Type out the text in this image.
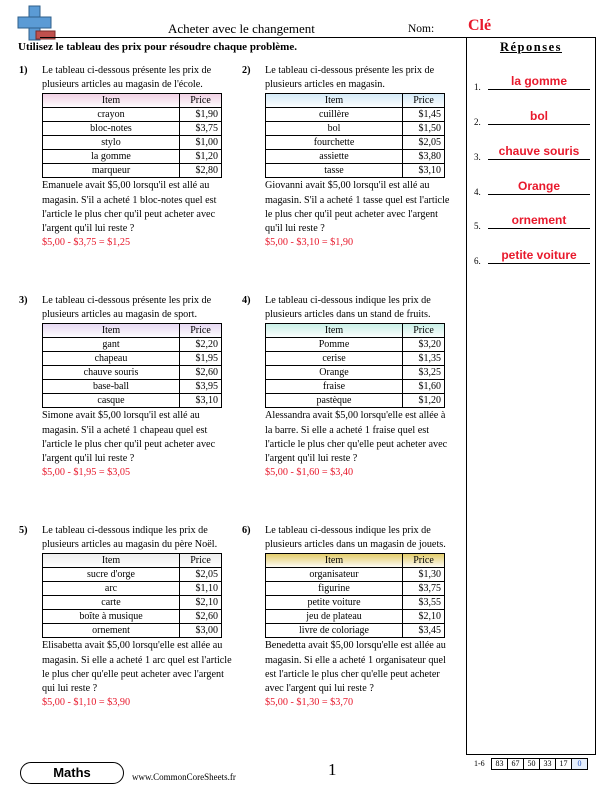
Acheter avec le changement	Nom: Clé
Utilisez le tableau des prix pour résoudre chaque problème.	Réponses
1.	la gomme
2.	bol
3.	chauve souris
4.	Orange
5.	ornement
6.	petite voiture
1) Le tableau ci-dessous présente les prix de plusieurs articles au magasin de l'école.
Item	Price
crayon	$1,90
bloc-notes	$3,75
stylo	$1,00
la gomme	$1,20
marqueur	$2,80
Emanuele avait $5,00 lorsqu'il est allé au magasin. S'il a acheté 1 bloc-notes quel est l'article le plus cher qu'il peut acheter avec l'argent qu'il lui reste ?
$5,00 - $3,75 = $1,25
2) Le tableau ci-dessous présente les prix de plusieurs articles en magasin.
Item	Price
cuillère	$1,45
bol	$1,50
fourchette	$2,05
assiette	$3,80
tasse	$3,10
Giovanni avait $5,00 lorsqu'il est allé au magasin. S'il a acheté 1 tasse quel est l'article le plus cher qu'il peut acheter avec l'argent qu'il lui reste ?
$5,00 - $3,10 = $1,90
3) Le tableau ci-dessous présente les prix de plusieurs articles au magasin de sport.
Item	Price
gant	$2,20
chapeau	$1,95
chauve souris	$2,60
base-ball	$3,95
casque	$3,10
Simone avait $5,00 lorsqu'il est allé au magasin. S'il a acheté 1 chapeau quel est l'article le plus cher qu'il peut acheter avec l'argent qu'il lui reste ?
$5,00 - $1,95 = $3,05
4) Le tableau ci-dessous indique les prix de plusieurs articles dans un stand de fruits.
Item	Price
Pomme	$3,20
cerise	$1,35
Orange	$3,25
fraise	$1,60
pastèque	$1,20
Alessandra avait $5,00 lorsqu'elle est allée à la barre. Si elle a acheté 1 fraise quel est l'article le plus cher qu'elle peut acheter avec l'argent qu'il lui reste ?
$5,00 - $1,60 = $3,40
5) Le tableau ci-dessous indique les prix de plusieurs articles au magasin du père Noël.
Item	Price
sucre d'orge	$2,05
arc	$1,10
carte	$2,10
boîte à musique	$2,60
ornement	$3,00
Elisabetta avait $5,00 lorsqu'elle est allée au magasin. Si elle a acheté 1 arc quel est l'article le plus cher qu'elle peut acheter avec l'argent qui lui reste ?
$5,00 - $1,10 = $3,90
6) Le tableau ci-dessous indique les prix de plusieurs articles dans un magasin de jouets.
Item	Price
organisateur	$1,30
figurine	$3,75
petite voiture	$3,55
jeu de plateau	$2,10
livre de coloriage	$3,45
Benedetta avait $5,00 lorsqu'elle est allée au magasin. Si elle a acheté 1 organisateur quel est l'article le plus cher qu'elle peut acheter avec l'argent qui lui reste ?
$5,00 - $1,30 = $3,70
Maths	www.CommonCoreSheets.fr	1	1-6	83	67	50	33	17	0
